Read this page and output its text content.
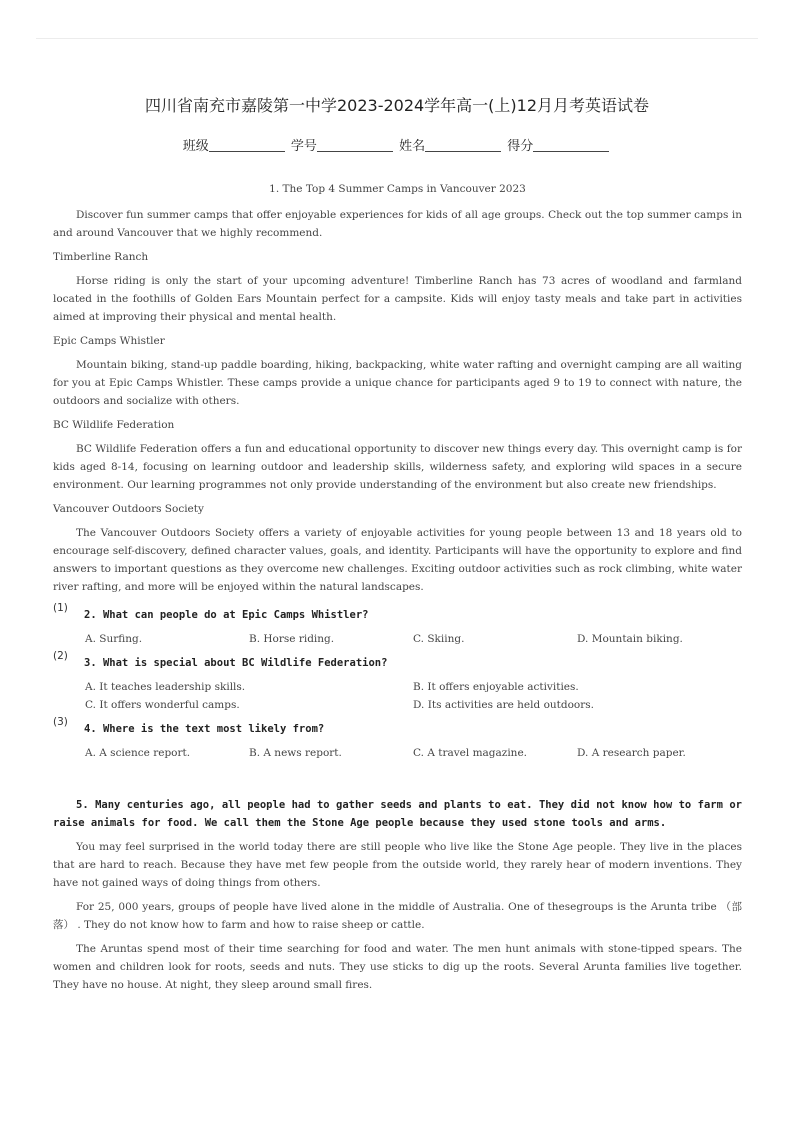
四川省南充市嘉陵第一中学2023-2024学年高一(上)12月月考英语试卷
班级	学号	姓名	得分
1. The Top 4 Summer Camps in Vancouver 2023

Discover fun summer camps that offer enjoyable experiences for kids of all age groups. Check out the top summer camps in and around Vancouver that we highly recommend.

Timberline Ranch

Horse riding is only the start of your upcoming adventure! Timberline Ranch has 73 acres of woodland and farmland located in the foothills of Golden Ears Mountain perfect for a campsite. Kids will enjoy tasty meals and take part in activities aimed at improving their physical and mental health.

Epic Camps Whistler

Mountain biking, stand-up paddle boarding, hiking, backpacking, white water rafting and overnight camping are all waiting for you at Epic Camps Whistler. These camps provide a unique chance for participants aged 9 to 19 to connect with nature, the outdoors and socialize with others.

BC Wildlife Federation

BC Wildlife Federation offers a fun and educational opportunity to discover new things every day. This overnight camp is for kids aged 8-14, focusing on learning outdoor and leadership skills, wilderness safety, and exploring wild spaces in a secure environment. Our learning programmes not only provide understanding of the environment but also create new friendships.

Vancouver Outdoors Society

The Vancouver Outdoors Society offers a variety of enjoyable activities for young people between 13 and 18 years old to encourage self-discovery, defined character values, goals, and identity. Participants will have the opportunity to explore and find answers to important questions as they overcome new challenges. Exciting outdoor activities such as rock climbing, white water river rafting, and more will be enjoyed within the natural landscapes.

(1)
2. What can people do at Epic Camps Whistler?
A. Surfing.	B. Horse riding.	C. Skiing.	D. Mountain biking.
(2)
3. What is special about BC Wildlife Federation?
A. It teaches leadership skills.	B. It offers enjoyable activities.
C. It offers wonderful camps.	D. Its activities are held outdoors.
(3)
4. Where is the text most likely from?
A. A science report.	B. A news report.	C. A travel magazine.	D. A research paper.

5. Many centuries ago, all people had to gather seeds and plants to eat. They did not know how to farm or raise animals for food. We call them the Stone Age people because they used stone tools and arms.

You may feel surprised in the world today there are still people who live like the Stone Age people. They live in the places that are hard to reach. Because they have met few people from the outside world, they rarely hear of modern inventions. They have not gained ways of doing things from others.

For 25, 000 years, groups of people have lived alone in the middle of Australia. One of thesegroups is the Arunta tribe （部落） . They do not know how to farm and how to raise sheep or cattle.

The Aruntas spend most of their time searching for food and water. The men hunt animals with stone-tipped spears. The women and children look for roots, seeds and nuts. They use sticks to dig up the roots. Several Arunta families live together. They have no house. At night, they sleep around small fires.
